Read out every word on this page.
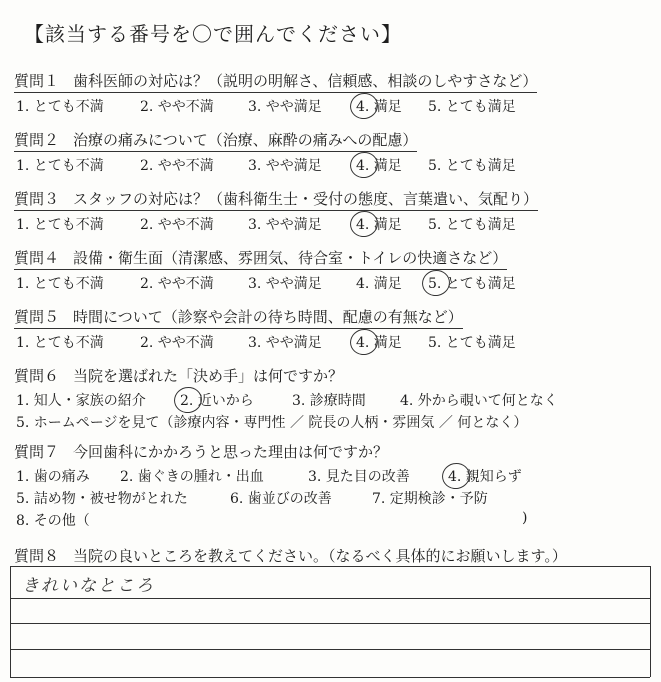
【該当する番号を〇で囲んでください】
質問１ 歯科医師の対応は？（説明の明解さ、信頼感、相談のしやすさなど）
1. とても不満	2. やや不満 3. やや満足 4. 満足 5. とても満足
質問２ 治療の痛みについて（治療、麻酔の痛みへの配慮）
1. とても不満	2. やや不満 3. やや満足 4. 満足 5. とても満足
質問３ スタッフの対応は？（歯科衛生士・受付の態度、言葉遣い、気配り）
1. とても不満	2. やや不満 3. やや満足 4. 満足 5. とても満足
質問４ 設備・衛生面（清潔感、雰囲気、待合室・トイレの快適さなど）
1. とても不満	2. やや不満 3. やや満足 4. 満足 5. とても満足
質問５ 時間について（診察や会計の待ち時間、配慮の有無など）
1. とても不満	2. やや不満 3. やや満足 4. 満足 5. とても満足
質問６ 当院を選ばれた「決め手」は何ですか？
1. 知人・家族の紹介 2. 近いから	3. 診療時間 4. 外から覗いて何となく
5. ホームページを見て（診療内容・専門性 ／ 院長の人柄・雰囲気 ／ 何となく）
質問７ 今回歯科にかかろうと思った理由は何ですか？
1. 歯の痛み 2. 歯ぐきの腫れ・出血	3. 見た目の改善	4. 親知らず
5. 詰め物・被せ物がとれた	6. 歯並びの改善	7. 定期検診・予防
8. その他（	)
質問８ 当院の良いところを教えてください。（なるべく具体的にお願いします。）
きれいなところ
